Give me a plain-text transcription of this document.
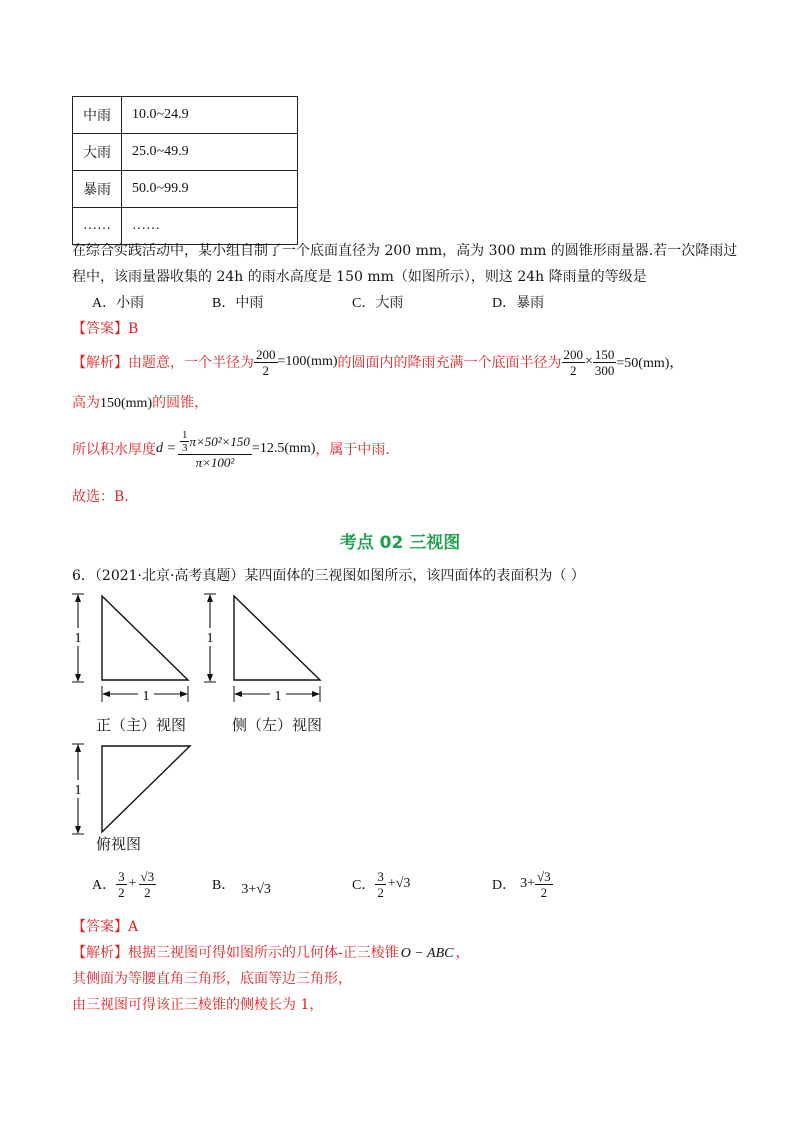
中雨	10.0~24.9
大雨	25.0~49.9
暴雨	50.0~99.9
……	……
在综合实践活动中，某小组自制了一个底面直径为 200 mm，高为 300 mm 的圆锥形雨量器.若一次降雨过
程中，该雨量器收集的 24h 的雨水高度是 150 mm（如图所示），则这 24h 降雨量的等级是
A．小雨	B．中雨	C．大雨	D．暴雨
【答案】B
【解析】 由题意，一个半径为 $\frac{200}{2} =100(mm)$ 的圆面内的降雨充满一个底面半径为 $\frac{200}{2} \times \frac{150}{300} =50(mm)$，
高为150(mm)的圆锥，
所以积水厚度 $d = \frac{\frac{1}{3} \pi\times 50^2\times 150}{\text{π×100²}} =12.5(mm)$ ，属于中雨.
故选：B.
考点 02 三视图
6．（2021·北京·高考真题）某四面体的三视图如图所示，该四面体的表面积为（ ）
1
1
1
1
1
正（主）视图	侧（左）视图
俯视图
A． $\frac{3}{2} + \frac{√3}{2}$	B． 3+√3	C． $\frac{3}{2} +√3$	D． $3+ \frac{√3}{2}$
【答案】A
【解析】根据三视图可得如图所示的几何体-正三棱锥 O − ABC ，
其侧面为等腰直角三角形，底面等边三角形，
由三视图可得该正三棱锥的侧棱长为 1，
